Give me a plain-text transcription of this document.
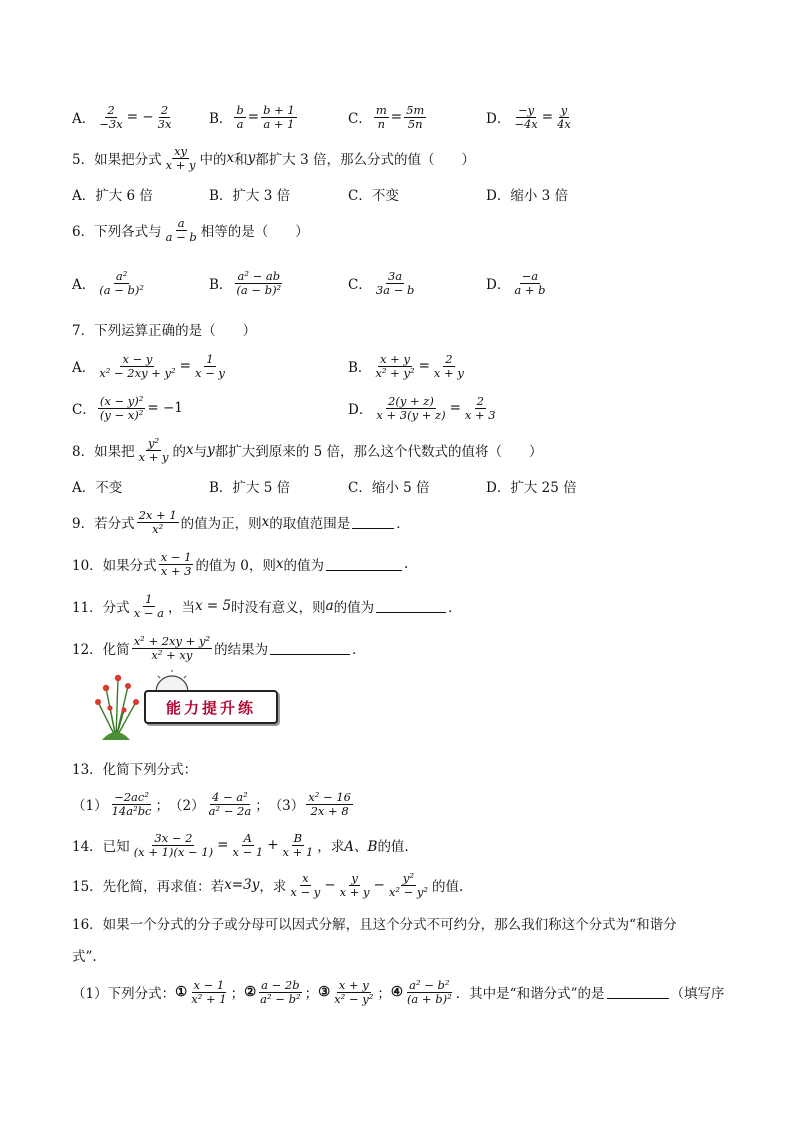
A． $\frac{2}{-3x}$ = − $\frac{2}{3x}$	B． $\frac{b}{a} = \frac{b + 1}{a + 1}$	C． $\frac{m}{n} = \frac{5m}{5n}$	D． $\frac{-y}{-4x} = \frac{y}{4x}$
5．如果把分式 $\frac{xy}{x + y}$ 中的 x 和 y 都扩大 3 倍，那么分式的值（　　）
A．扩大 6 倍	B．扩大 3 倍	C．不变	D．缩小 3 倍
6．下列各式与 $\frac{a}{a - b}$ 相等的是（　　）
A． $\frac{\text{a²}}{\text{(a − b)²}}$	B． $\frac{\text{a² − ab}}{\text{(a − b)²}}$	C． $\frac{3a}{3a - b}$	D． $\frac{-a}{a + b}$
7．下列运算正确的是（　　）
A． $\frac{x - y}{\text{x² − 2xy + y²}} = \frac{1}{x - y}$	B． $\frac{x + y}{\text{x² + y²}} = \frac{2}{x + y}$
C． $\frac{\text{(x − y)²}}{\text{(y − x)²}} = -1$	D． $\frac{2(y + z)}{x + 3(y + z)} = \frac{2}{x + 3}$
8．如果把 $\frac{\text{y²}}{x + y}$ 的 x 与 y 都扩大到原来的 5 倍，那么这个代数式的值将（　　）
A．不变	B．扩大 5 倍	C．缩小 5 倍	D．扩大 25 倍
9．若分式 $\frac{2x + 1}{\text{x²}}$ 的值为正，则 x 的取值范围是	．
10．如果分式 $\frac{x - 1}{x + 3}$ 的值为 0，则 x 的值为	.
11．分式 $\frac{1}{x - a}$ ，当 x = 5 时没有意义，则 a 的值为	．
12．化简 $\frac{\text{x² + 2xy + y²}}{\text{x² + xy}}$ 的结果为	．
能力提升练
13．化简下列分式：
$(1) \frac{\text{−2ac²}}{\text{14a²bc}}$ ； $(2) \frac{\text{4 − a²}}{\text{a² − 2a}}$ ； $(3) \frac{\text{x² − 16}}{2x + 8}$
14．已知 $\frac{3x - 2}{(x + 1)(x - 1)} = \frac{A}{x - 1} + \frac{B}{x + 1}$ ，求 A、B 的值.
15．先化简，再求值：若 x=3y ，求 $\frac{x}{x - y} - \frac{y}{x + y} - \frac{\text{y²}}{\text{x² − y²}}$ 的值.
16．如果一个分式的分子或分母可以因式分解，且这个分式不可约分，那么我们称这个分式为“和谐分
式”.
（1）下列分式： ① $\frac{x - 1}{\text{x² + 1}}$ ； ② $\frac{a - 2b}{\text{a² − b²}}$ ； ③ $\frac{x + y}{\text{x² − y²}}$ ； ④ $\frac{\text{a² − b²}}{\text{(a + b)²}}$ ．其中是“和谐分式”的是	（填写序
